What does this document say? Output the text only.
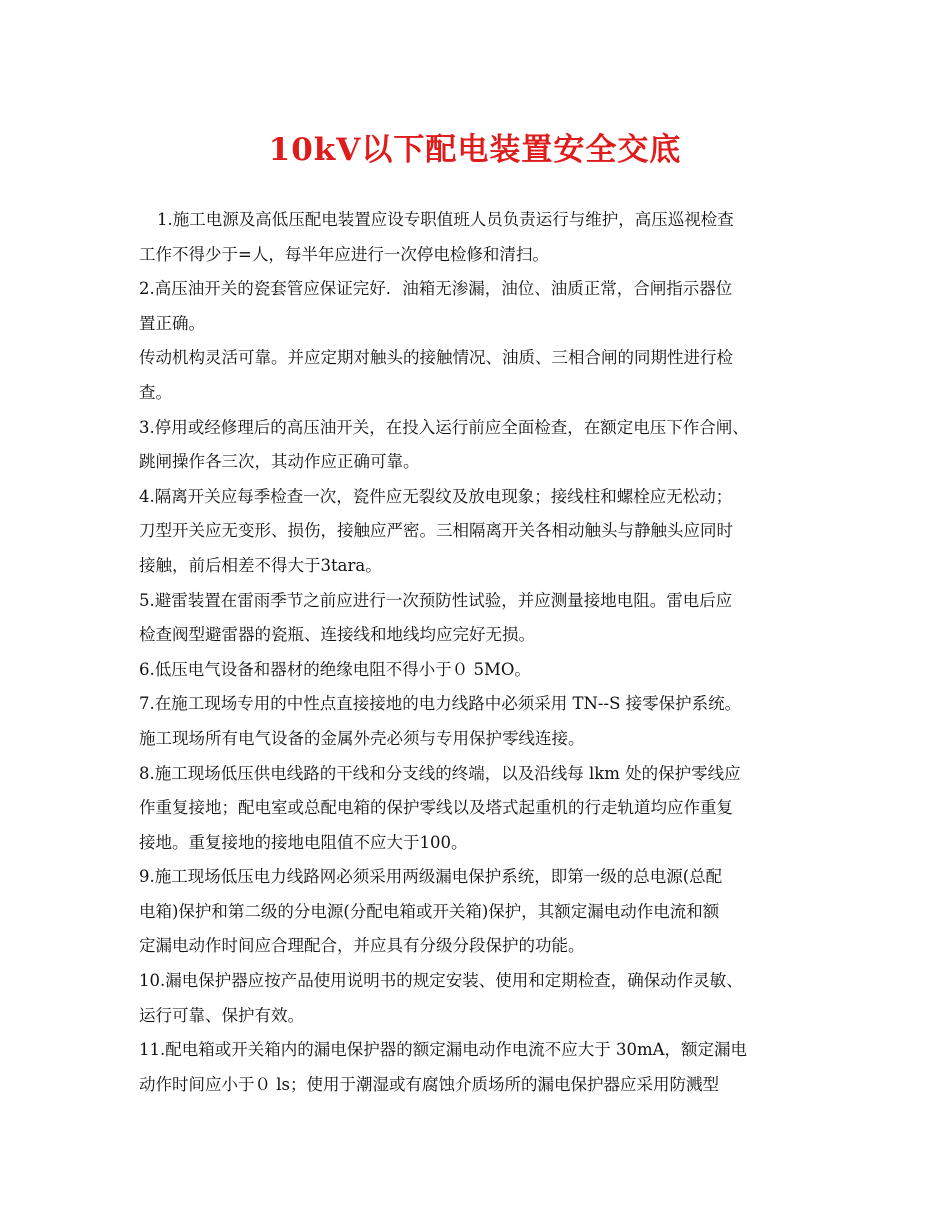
10kV以下配电装置安全交底
1.施工电源及高低压配电装置应设专职值班人员负责运行与维护，高压巡视检查
工作不得少于=人，每半年应进行一次停电检修和清扫。
2.高压油开关的瓷套管应保证完好．油箱无渗漏，油位、油质正常，合闸指示器位
置正确。
传动机构灵活可靠。并应定期对触头的接触情况、油质、三相合闸的同期性进行检
查。
3.停用或经修理后的高压油开关，在投入运行前应全面检查，在额定电压下作合闸、
跳闸操作各三次，其动作应正确可靠。
4.隔离开关应每季检查一次，瓷件应无裂纹及放电现象；接线柱和螺栓应无松动；
刀型开关应无变形、损伤，接触应严密。三相隔离开关各相动触头与静触头应同时
接触，前后相差不得大于3tara。
5.避雷装置在雷雨季节之前应进行一次预防性试验，并应测量接地电阻。雷电后应
检查阀型避雷器的瓷瓶、连接线和地线均应完好无损。
6.低压电气设备和器材的绝缘电阻不得小于０ 5MO。
7.在施工现场专用的中性点直接接地的电力线路中必须采用 TN--S 接零保护系统。
施工现场所有电气设备的金属外壳必须与专用保护零线连接。
8.施工现场低压供电线路的干线和分支线的终端，以及沿线每 lkm 处的保护零线应
作重复接地；配电室或总配电箱的保护零线以及塔式起重机的行走轨道均应作重复
接地。重复接地的接地电阻值不应大于100。
9.施工现场低压电力线路网必须采用两级漏电保护系统，即第一级的总电源(总配
电箱)保护和第二级的分电源(分配电箱或开关箱)保护，其额定漏电动作电流和额
定漏电动作时间应合理配合，并应具有分级分段保护的功能。
10.漏电保护器应按产品使用说明书的规定安装、使用和定期检查，确保动作灵敏、
运行可靠、保护有效。
11.配电箱或开关箱内的漏电保护器的额定漏电动作电流不应大于 30mA，额定漏电
动作时间应小于０ ls；使用于潮湿或有腐蚀介质场所的漏电保护器应采用防溅型
